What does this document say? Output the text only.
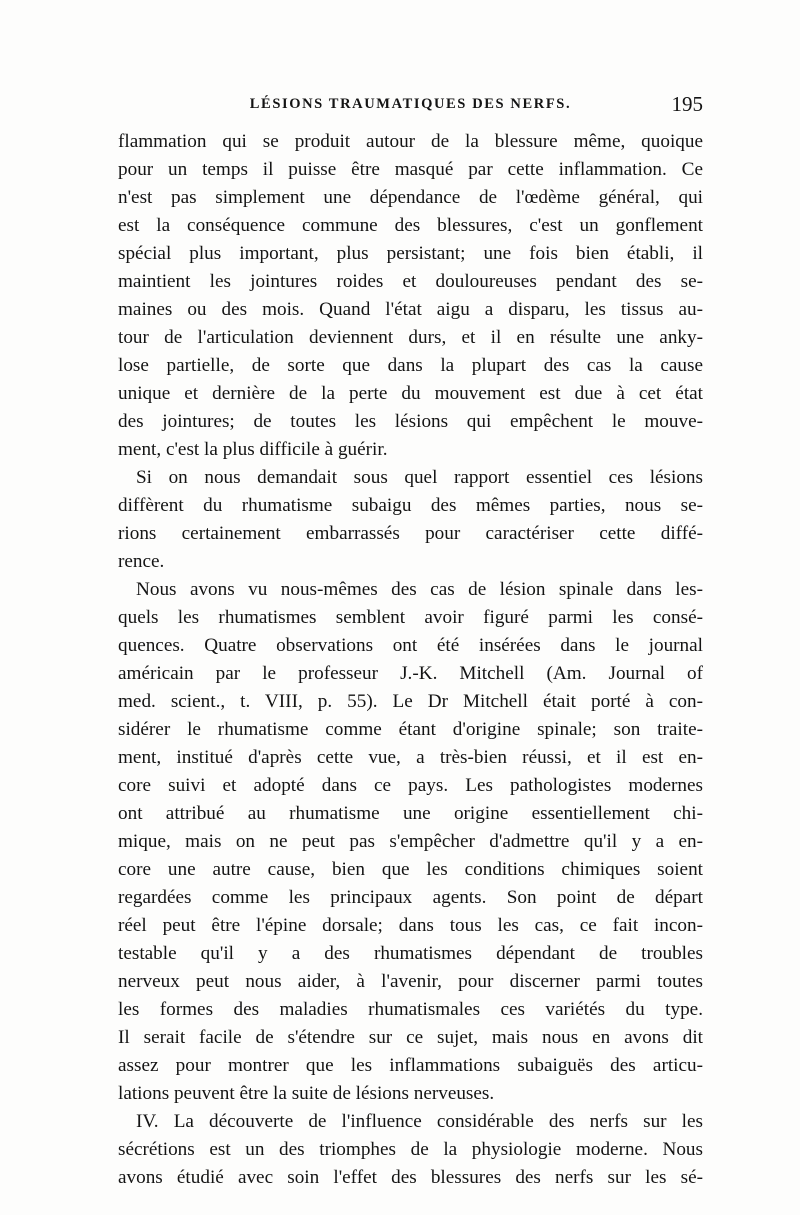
LÉSIONS TRAUMATIQUES DES NERFS.	195
flammation qui se produit autour de la blessure même, quoique
pour un temps il puisse être masqué par cette inflammation. Ce
n'est pas simplement une dépendance de l'œdème général, qui
est la conséquence commune des blessures, c'est un gonflement
spécial plus important, plus persistant; une fois bien établi, il
maintient les jointures roides et douloureuses pendant des se-
maines ou des mois. Quand l'état aigu a disparu, les tissus au-
tour de l'articulation deviennent durs, et il en résulte une anky-
lose partielle, de sorte que dans la plupart des cas la cause
unique et dernière de la perte du mouvement est due à cet état
des jointures; de toutes les lésions qui empêchent le mouve-
ment, c'est la plus difficile à guérir.
Si on nous demandait sous quel rapport essentiel ces lésions
diffèrent du rhumatisme subaigu des mêmes parties, nous se-
rions certainement embarrassés pour caractériser cette diffé-
rence.
Nous avons vu nous-mêmes des cas de lésion spinale dans les-
quels les rhumatismes semblent avoir figuré parmi les consé-
quences. Quatre observations ont été insérées dans le journal
américain par le professeur J.-K. Mitchell (Am. Journal of
med. scient., t. VIII, p. 55). Le Dr Mitchell était porté à con-
sidérer le rhumatisme comme étant d'origine spinale; son traite-
ment, institué d'après cette vue, a très-bien réussi, et il est en-
core suivi et adopté dans ce pays. Les pathologistes modernes
ont attribué au rhumatisme une origine essentiellement chi-
mique, mais on ne peut pas s'empêcher d'admettre qu'il y a en-
core une autre cause, bien que les conditions chimiques soient
regardées comme les principaux agents. Son point de départ
réel peut être l'épine dorsale; dans tous les cas, ce fait incon-
testable qu'il y a des rhumatismes dépendant de troubles
nerveux peut nous aider, à l'avenir, pour discerner parmi toutes
les formes des maladies rhumatismales ces variétés du type.
Il serait facile de s'étendre sur ce sujet, mais nous en avons dit
assez pour montrer que les inflammations subaiguës des articu-
lations peuvent être la suite de lésions nerveuses.
IV. La découverte de l'influence considérable des nerfs sur les
sécrétions est un des triomphes de la physiologie moderne. Nous
avons étudié avec soin l'effet des blessures des nerfs sur les sé-
